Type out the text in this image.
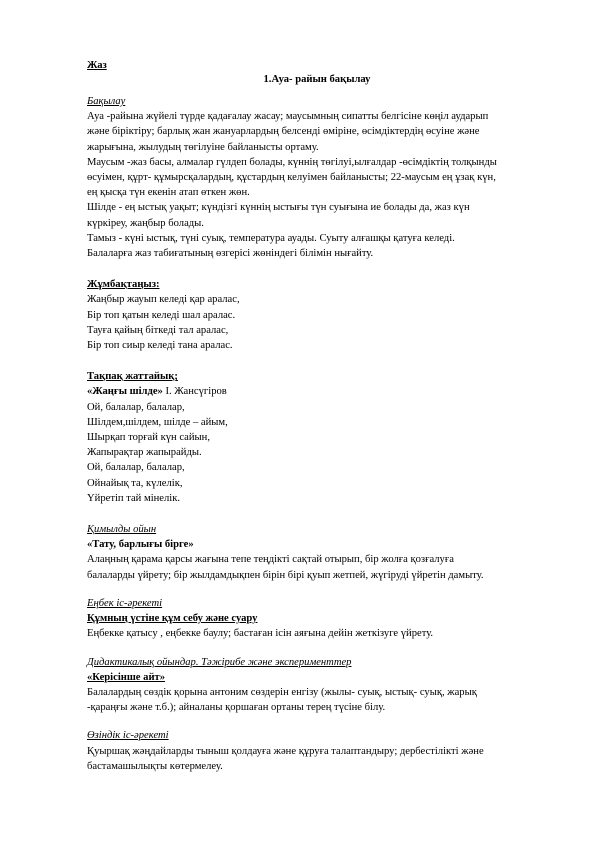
Жаз
1.Ауа- райын бақылау
Бақылау
Ауа -райына жүйелі түрде қадағалау жасау; маусымның сипатты белгісіне көңіл аударып
және біріктіру; барлық жан жануарлардың белсенді өміріне, өсімдіктердің өсуіне және
жарығына, жылудың төгілуіне байланысты ортаму.
Маусым -жаз басы, алмалар гүлдеп болады, күннің төгілуі,ылғалдар -өсімдіктің толқынды
өсуімен, құрт- құмырсқалардың, құстардың келуімен байланысты; 22-маусым ең ұзақ күн,
ең қысқа түн екенін атап өткен жөн.
Шілде - ең ыстық уақыт; күндізгі күннің ыстығы түн суығына ие болады да, жаз күн
күркіреу, жаңбыр болады.
Тамыз - күні ыстық, түні суық, температура ауады. Суыту алғашқы қатуға келеді.
Балаларға жаз табиғатының өзгерісі жөніндегі білімін нығайту.
Жұмбақтаңыз:
Жаңбыр жауып келеді қар аралас,
Бір топ қатын келеді шал аралас.
Тауға қайың біткеді тал аралас,
Бір топ сиыр келеді тана аралас.
Тақпақ жаттайық;
«Жаңғы шілде» І. Жансүгіров
Ой, балалар, балалар,
Шілдем,шілдем, шілде – айым,
Шырқап торғай күн сайын,
Жапырақтар жапырайды.
Ой, балалар, балалар,
Ойнайық та, күлелік,
Үйретіп тай мінелік.
Қимылды ойын
«Тату, барлығы бірге»
Алаңның қарама қарсы жағына тепе теңдікті сақтай отырып, бір жолға қозғалуға
балаларды үйрету; бір жылдамдықпен бірін бірі қуып жетпей, жүгіруді үйретін дамыту.
Еңбек іс-әрекеті
Құмның үстіне құм себу және суару
Еңбекке қатысу , еңбекке баулу; бастаған ісін аяғына дейін жеткізуге үйрету.
Дидактикалық ойындар. Тәжірибе және эксперименттер
«Керісінше айт»
Балалардың сөздік қорына антоним сөздерін енгізу (жылы- суық, ыстық- суық, жарық
-қараңғы және т.б.); айналаны қоршаған ортаны терең түсіне білу.
Өзіндік іс-әрекеті
Қуыршақ жәңдайларды тыныш қолдауға және құруға талаптандыру; дербестілікті және
бастамашылықты көтермелеу.
